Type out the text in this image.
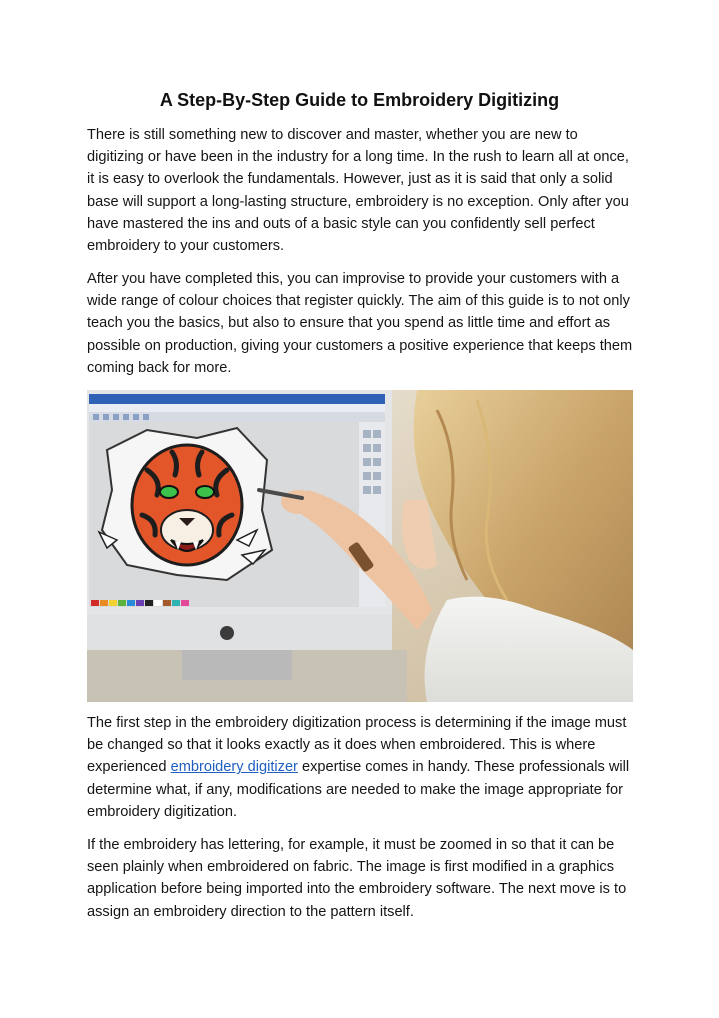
A Step-By-Step Guide to Embroidery Digitizing

There is still something new to discover and master, whether you are new to digitizing or have been in the industry for a long time. In the rush to learn all at once, it is easy to overlook the fundamentals. However, just as it is said that only a solid base will support a long-lasting structure, embroidery is no exception. Only after you have mastered the ins and outs of a basic style can you confidently sell perfect embroidery to your customers.

After you have completed this, you can improvise to provide your customers with a wide range of colour choices that register quickly. The aim of this guide is to not only teach you the basics, but also to ensure that you spend as little time and effort as possible on production, giving your customers a positive experience that keeps them coming back for more.

The first step in the embroidery digitization process is determining if the image must be changed so that it looks exactly as it does when embroidered. This is where experienced embroidery digitizer expertise comes in handy. These professionals will determine what, if any, modifications are needed to make the image appropriate for embroidery digitization.

If the embroidery has lettering, for example, it must be zoomed in so that it can be seen plainly when embroidered on fabric. The image is first modified in a graphics application before being imported into the embroidery software. The next move is to assign an embroidery direction to the pattern itself.
